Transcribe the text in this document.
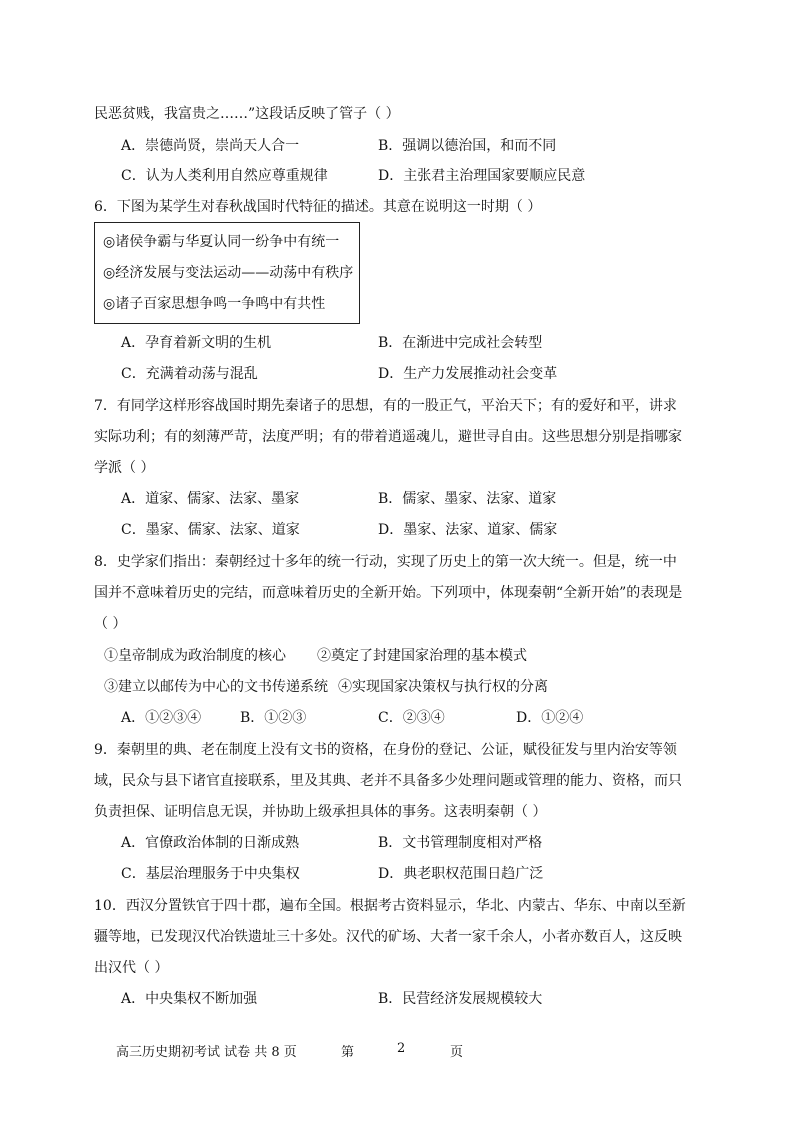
民恶贫贱，我富贵之……”这段话反映了管子（ ）
A．崇德尚贤，崇尚天人合一	B．强调以德治国，和而不同
C．认为人类利用自然应尊重规律	D．主张君主治理国家要顺应民意
6．下图为某学生对春秋战国时代特征的描述。其意在说明这一时期（ ）
◎诸侯争霸与华夏认同一纷争中有统一
◎经济发展与变法运动——动荡中有秩序
◎诸子百家思想争鸣一争鸣中有共性
A．孕育着新文明的生机	B．在渐进中完成社会转型
C．充满着动荡与混乱	D．生产力发展推动社会变革
7．有同学这样形容战国时期先秦诸子的思想，有的一股正气，平治天下；有的爱好和平，讲求
实际功利；有的刻薄严苛，法度严明；有的带着逍遥魂儿，避世寻自由。这些思想分别是指哪家
学派（ ）
A．道家、儒家、法家、墨家	B．儒家、墨家、法家、道家
C．墨家、儒家、法家、道家	D．墨家、法家、道家、儒家
8．史学家们指出：秦朝经过十多年的统一行动，实现了历史上的第一次大统一。但是，统一中
国并不意味着历史的完结，而意味着历史的全新开始。下列项中，体现秦朝“全新开始”的表现是
（ ）
①皇帝制成为政治制度的核心 ②奠定了封建国家治理的基本模式
③建立以邮传为中心的文书传递系统 ④实现国家决策权与执行权的分离
A．①②③④	B．①②③	C．②③④	D．①②④
9．秦朝里的典、老在制度上没有文书的资格，在身份的登记、公证，赋役征发与里内治安等领
域，民众与县下诸官直接联系，里及其典、老并不具备多少处理问题或管理的能力、资格，而只
负责担保、证明信息无误，并协助上级承担具体的事务。这表明秦朝（ ）
A．官僚政治体制的日渐成熟	B．文书管理制度相对严格
C．基层治理服务于中央集权	D．典老职权范围日趋广泛
10．西汉分置铁官于四十郡，遍布全国。根据考古资料显示，华北、内蒙古、华东、中南以至新
疆等地，已发现汉代冶铁遗址三十多处。汉代的矿场、大者一家千余人，小者亦数百人，这反映
出汉代（ ）
A．中央集权不断加强	B．民营经济发展规模较大
高三历史期初考试 试卷 共 8 页	第	2	页
